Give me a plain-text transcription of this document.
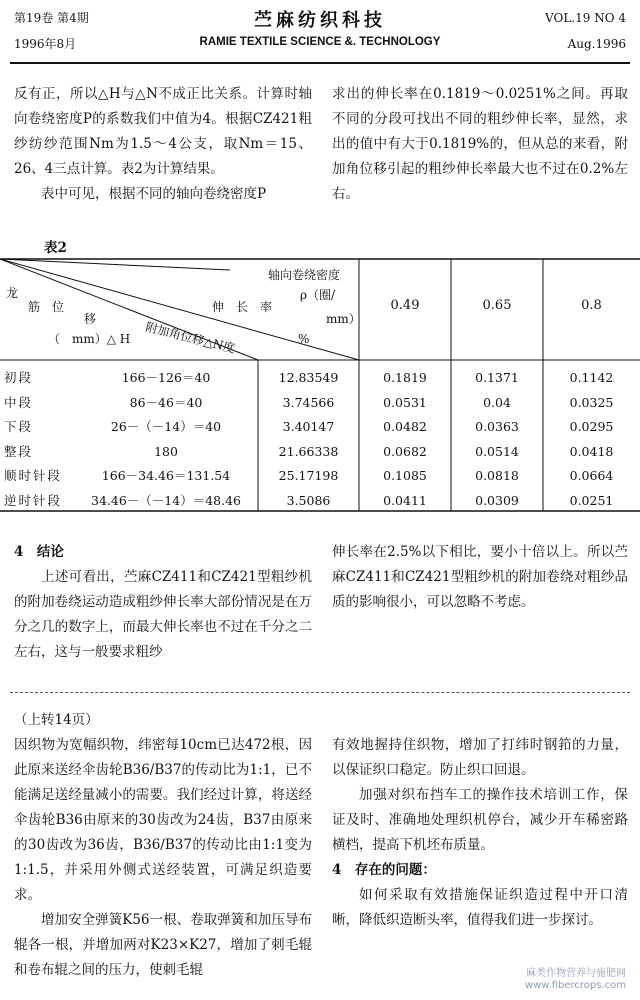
第19卷 第4期
1996年8月
苎麻纺织科技
RAMIE TEXTILE SCIENCE &. TECHNOLOGY
VOL.19 NO 4
Aug.1996

反有正，所以△H与△N不成正比关系。计算时轴向卷绕密度P的系数我们中值为4。根据CZ421粗纱纺纱范围Nm为1.5～4公支，取Nm＝15、26、4三点计算。表2为计算结果。

表中可见，根据不同的轴向卷绕密度P

求出的伸长率在0.1819～0.0251%之间。再取不同的分段可找出不同的粗纱伸长率，显然，求出的值中有大于0.1819%的，但从总的来看，附加角位移引起的粗纱伸长率最大也不过在0.2%左右。

表2
轴向卷绕密度
ρ（圈/
mm）
伸　长　率
%
附加角位移△N度
龙
筋 位
移
（　mm）△ H
0.49	0.65	0.8
初段	166－126＝40	12.83549	0.1819	0.1371	0.1142
中段	86－46＝40	3.74566	0.0531	0.04	0.0325
下段	26－（－14）＝40	3.40147	0.0482	0.0363	0.0295
整段	180	21.66338	0.0682	0.0514	0.0418
顺时针段	166－34.46＝131.54	25.17198	0.1085	0.0818	0.0664
逆时针段	34.46－（－14）＝48.46	3.5086	0.0411	0.0309	0.0251

4　结论

上述可看出，苎麻CZ411和CZ421型粗纱机的附加卷绕运动造成粗纱伸长率大部份情况是在万分之几的数字上，而最大伸长率也不过在千分之二左右，这与一般要求粗纱

伸长率在2.5%以下相比，要小十倍以上。所以苎麻CZ411和CZ421型粗纱机的附加卷绕对粗纱品质的影响很小，可以忽略不考虑。

（上转14页）

因织物为宽幅织物，纬密每10cm已达472根，因此原来送经伞齿轮B36/B37的传动比为1:1，已不能满足送经量减小的需要。我们经过计算，将送经伞齿轮B36由原来的30齿改为24齿，B37由原来的30齿改为36齿，B36/B37的传动比由1:1变为1:1.5，并采用外侧式送经装置，可满足织造要求。

增加安全弹簧K56一根、卷取弹簧和加压导布辊各一根，并增加两对K23×K27，增加了刺毛辊和卷布辊之间的压力，使刺毛辊

有效地握持住织物，增加了打纬时钢筘的力量，以保证织口稳定。防止织口回退。

加强对织布挡车工的操作技术培训工作，保证及时、准确地处理织机停台，减少开车稀密路横档，提高下机坯布质量。

4　存在的问题：

如何采取有效措施保证织造过程中开口清晰，降低织造断头率，值得我们进一步探讨。

麻类作物营养与施肥网
www.fibercrops.com
